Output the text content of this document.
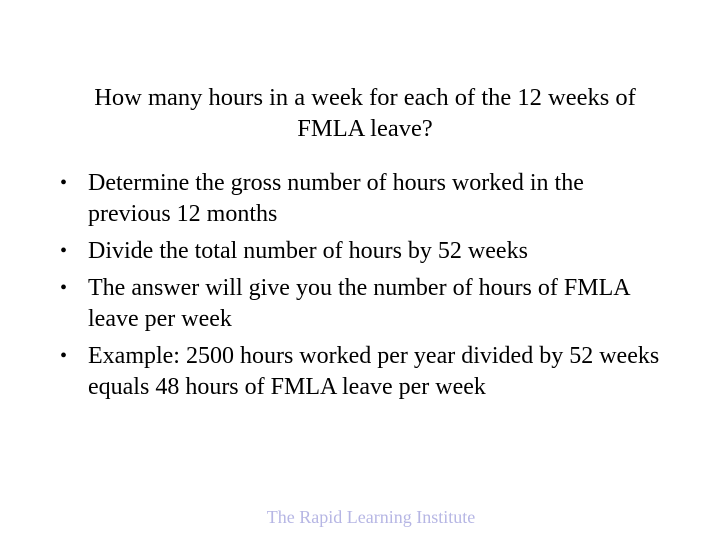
How many hours in a week for each of the 12 weeks of FMLA leave?
• Determine the gross number of hours worked in the previous 12 months
• Divide the total number of hours by 52 weeks
• The answer will give you the number of hours of FMLA leave per week
• Example: 2500 hours worked per year divided by 52 weeks equals 48 hours of FMLA leave per week
The Rapid Learning Institute
